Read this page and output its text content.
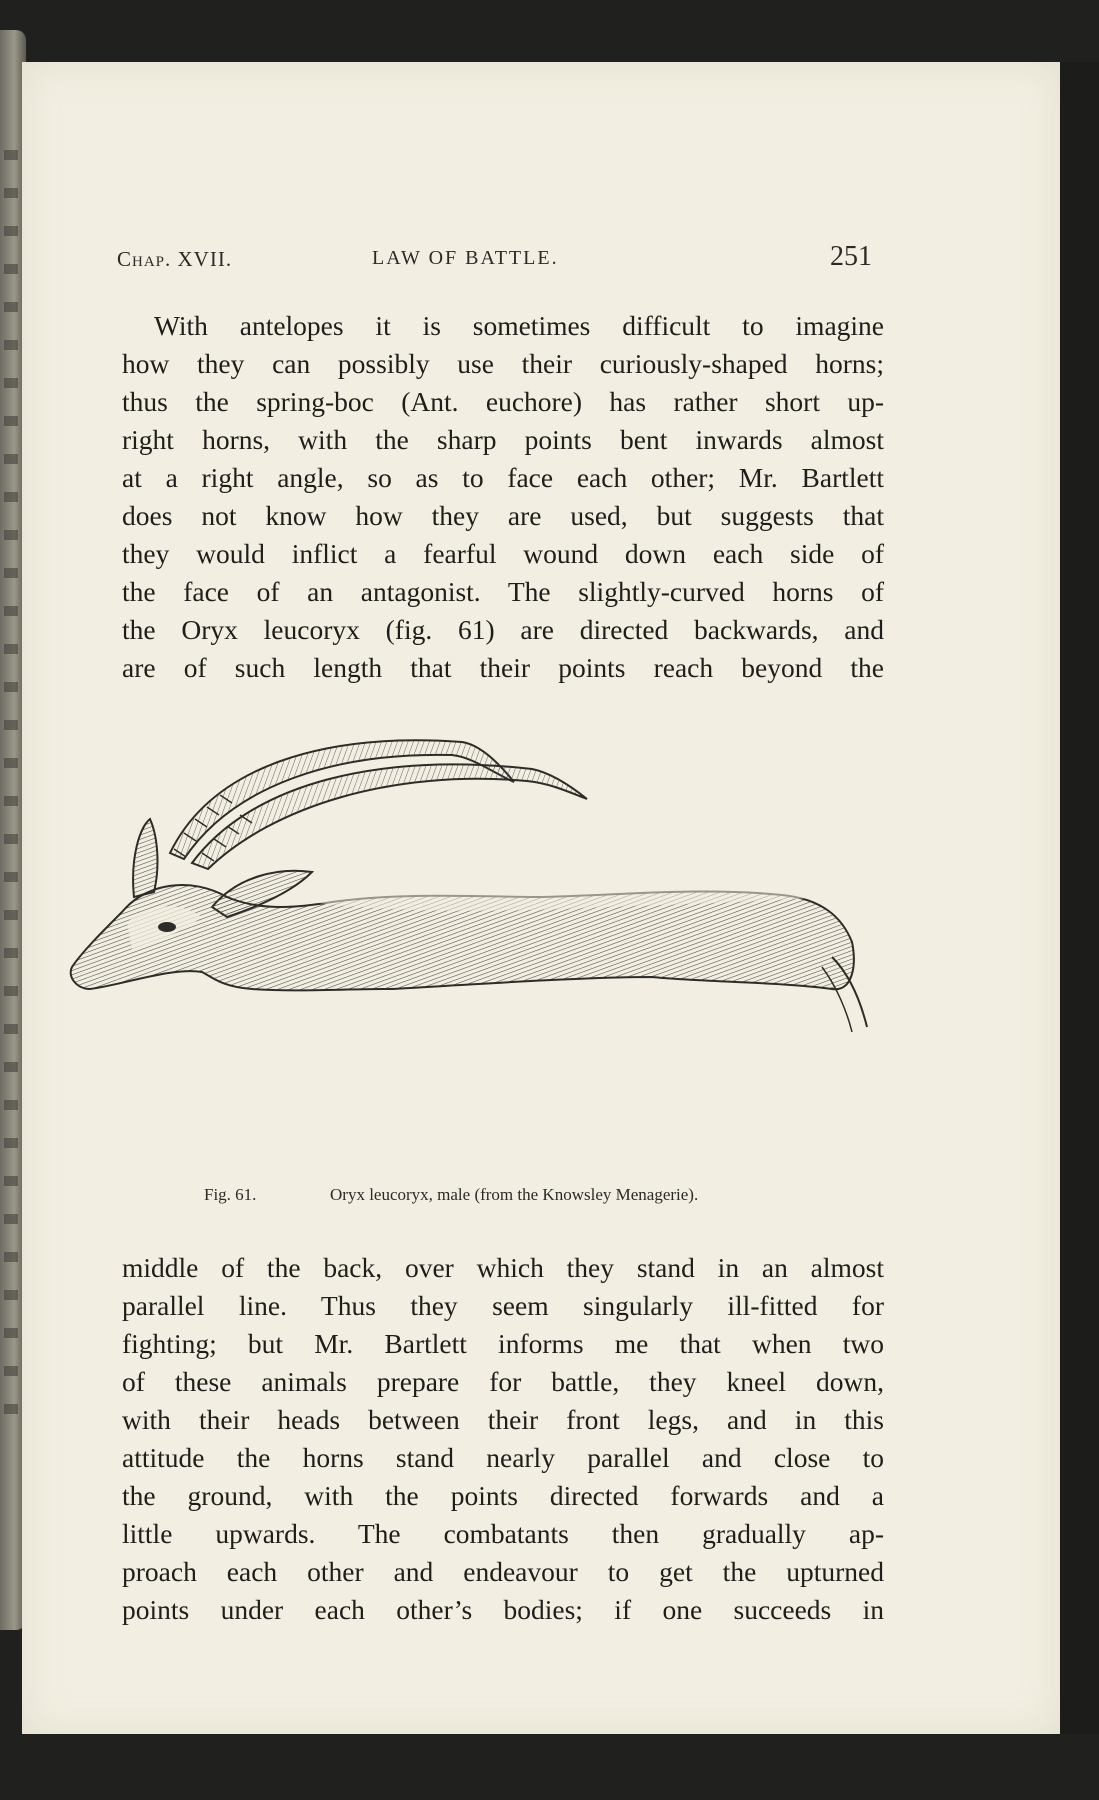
Chap. XVII.	LAW OF BATTLE.	251
With antelopes it is sometimes difficult to imagine
how they can possibly use their curiously-shaped horns;
thus the spring-boc (Ant. euchore) has rather short up-
right horns, with the sharp points bent inwards almost
at a right angle, so as to face each other; Mr. Bartlett
does not know how they are used, but suggests that
they would inflict a fearful wound down each side of
the face of an antagonist. The slightly-curved horns of
the Oryx leucoryx (fig. 61) are directed backwards, and
are of such length that their points reach beyond the
Fig. 61.	Oryx leucoryx, male (from the Knowsley Menagerie).
middle of the back, over which they stand in an almost
parallel line. Thus they seem singularly ill-fitted for
fighting; but Mr. Bartlett informs me that when two
of these animals prepare for battle, they kneel down,
with their heads between their front legs, and in this
attitude the horns stand nearly parallel and close to
the ground, with the points directed forwards and a
little upwards. The combatants then gradually ap-
proach each other and endeavour to get the upturned
points under each other’s bodies; if one succeeds in
